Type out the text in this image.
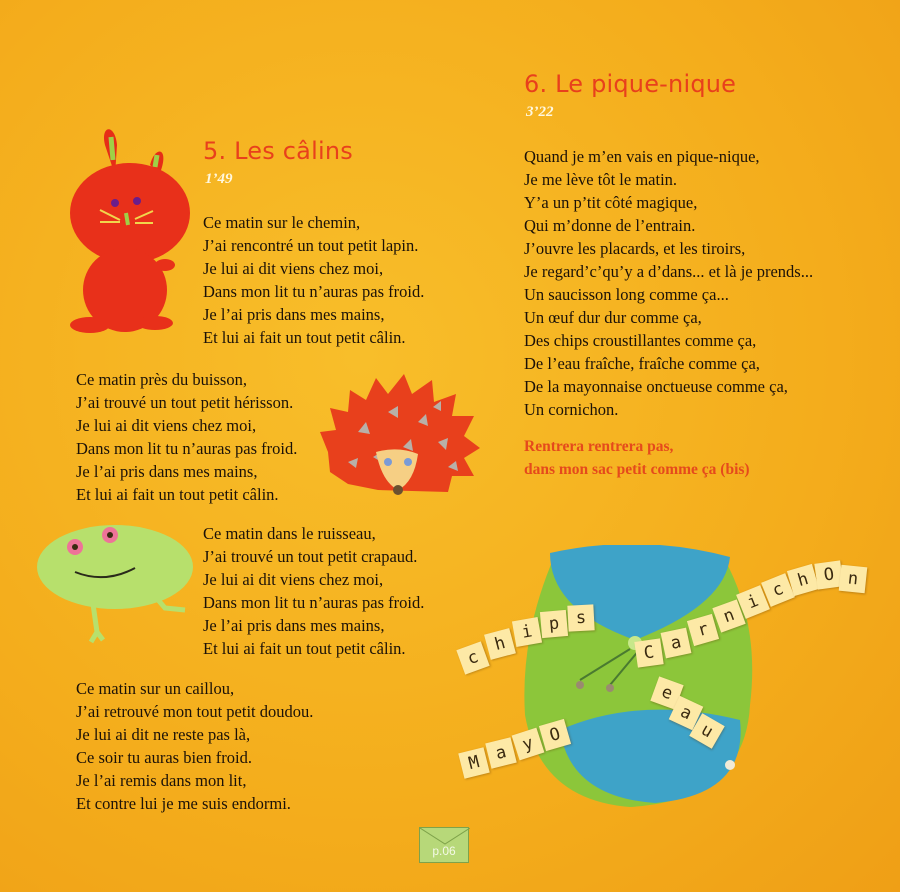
5. Les câlins
1’49
Ce matin sur le chemin,
J’ai rencontré un tout petit lapin.
Je lui ai dit viens chez moi,
Dans mon lit tu n’auras pas froid.
Je l’ai pris dans mes mains,
Et lui ai fait un tout petit câlin.
Ce matin près du buisson,
J’ai trouvé un tout petit hérisson.
Je lui ai dit viens chez moi,
Dans mon lit tu n’auras pas froid.
Je l’ai pris dans mes mains,
Et lui ai fait un tout petit câlin.
Ce matin dans le ruisseau,
J’ai trouvé un tout petit crapaud.
Je lui ai dit viens chez moi,
Dans mon lit tu n’auras pas froid.
Je l’ai pris dans mes mains,
Et lui ai fait un tout petit câlin.
Ce matin sur un caillou,
J’ai retrouvé mon tout petit doudou.
Je lui ai dit ne reste pas là,
Ce soir tu auras bien froid.
Je l’ai remis dans mon lit,
Et contre lui je me suis endormi.
6. Le pique-nique
3’22
Quand je m’en vais en pique-nique,
Je me lève tôt le matin.
Y’a un p’tit côté magique,
Qui m’donne de l’entrain.
J’ouvre les placards, et les tiroirs,
Je regard’c’qu’y a d’dans... et là je prends...
Un saucisson long comme ça...
Un œuf dur dur comme ça,
Des chips croustillantes comme ça,
De l’eau fraîche, fraîche comme ça,
De la mayonnaise onctueuse comme ça,
Un cornichon.
Rentrera rentrera pas,
dans mon sac petit comme ça (bis)
c
h
i p s
C a
r
n
i
c h O n
e
a
u
M a y O
p.06
